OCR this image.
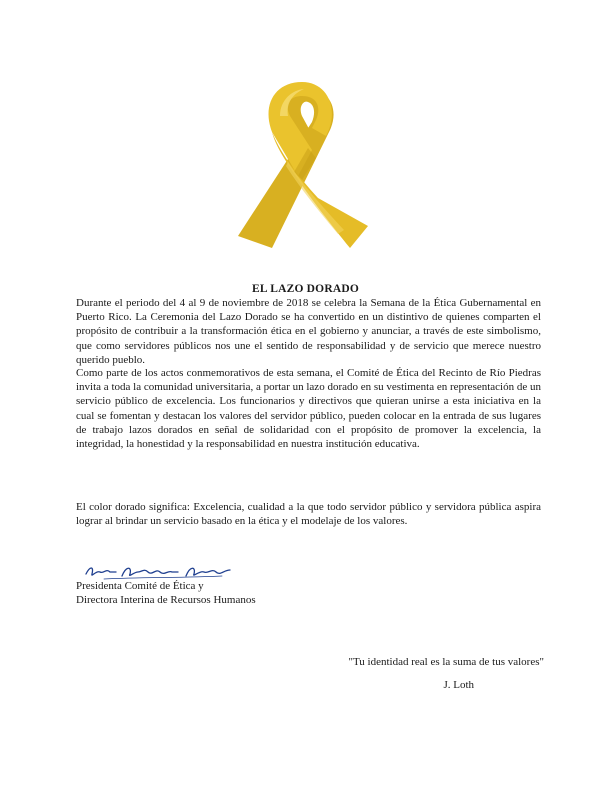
EL LAZO DORADO

Durante el periodo del 4 al 9 de noviembre de 2018 se celebra la Semana de la Ética Gubernamental en Puerto Rico. La Ceremonia del Lazo Dorado se ha convertido en un distintivo de quienes comparten el propósito de contribuir a la transformación ética en el gobierno y anunciar, a través de este simbolismo, que como servidores públicos nos une el sentido de responsabilidad y de servicio que merece nuestro querido pueblo.

Como parte de los actos conmemorativos de esta semana, el Comité de Ética del Recinto de Río Piedras invita a toda la comunidad universitaria, a portar un lazo dorado en su vestimenta en representación de un servicio público de excelencia. Los funcionarios y directivos que quieran unirse a esta iniciativa en la cual se fomentan y destacan los valores del servidor público, pueden colocar en la entrada de sus lugares de trabajo lazos dorados en señal de solidaridad con el propósito de promover la excelencia, la integridad, la honestidad y la responsabilidad en nuestra institución educativa.

El color dorado significa: Excelencia, cualidad a la que todo servidor público y servidora pública aspira lograr al brindar un servicio basado en la ética y el modelaje de los valores.

Presidenta Comité de Ética y
Directora Interina de Recursos Humanos
"Tu identidad real es la suma de tus valores"
J. Loth
